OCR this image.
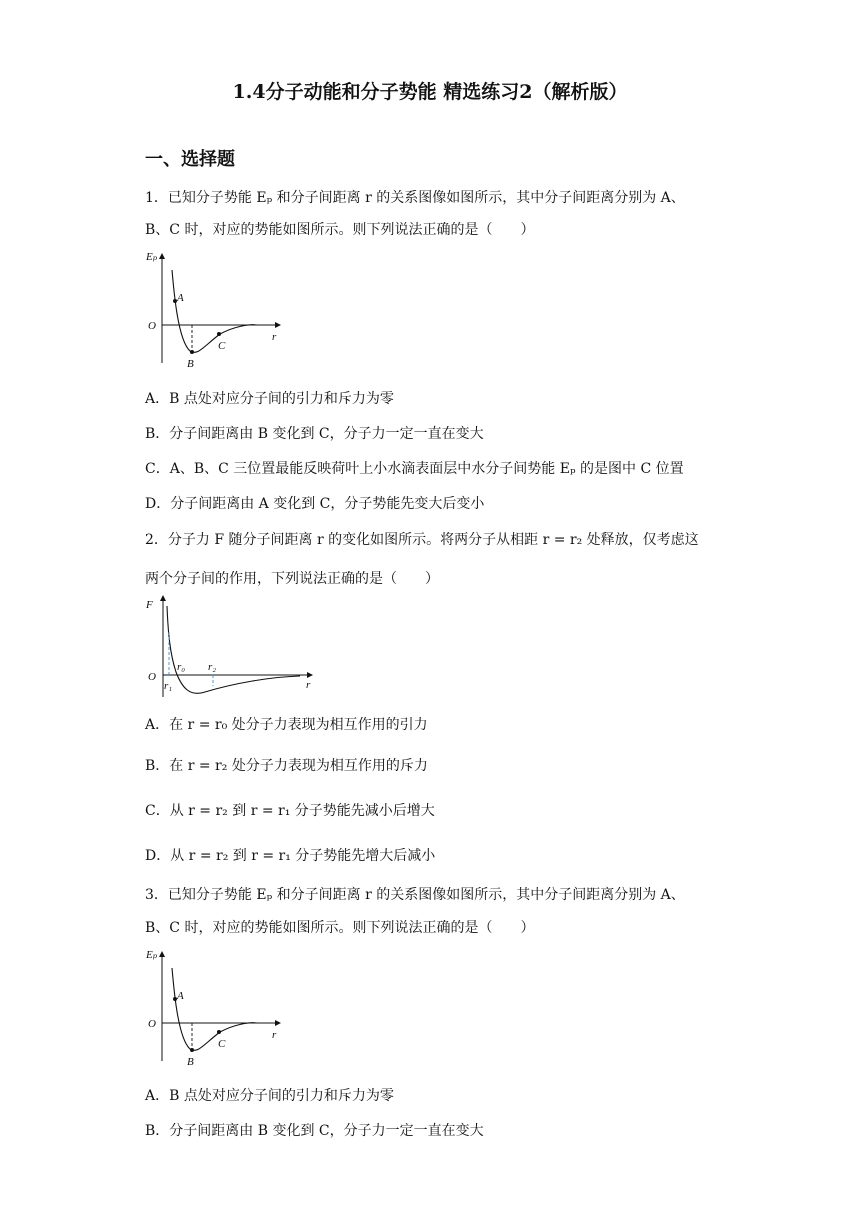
1.4分子动能和分子势能 精选练习2（解析版）
一、选择题
1．已知分子势能 Eₚ 和分子间距离 r 的关系图像如图所示，其中分子间距离分别为 A、
B、C 时，对应的势能如图所示。则下列说法正确的是（　　）
Eₚ
O
r
A
B
C
A．B 点处对应分子间的引力和斥力为零
B．分子间距离由 B 变化到 C，分子力一定一直在变大
C．A、B、C 三位置最能反映荷叶上小水滴表面层中水分子间势能 Eₚ 的是图中 C 位置
D．分子间距离由 A 变化到 C，分子势能先变大后变小
2．分子力 F 随分子间距离 r 的变化如图所示。将两分子从相距 r = r₂ 处释放，仅考虑这
两个分子间的作用，下列说法正确的是（　　）
F
O
r
r₀
r₁
r₂
A．在 r = r₀ 处分子力表现为相互作用的引力
B．在 r = r₂ 处分子力表现为相互作用的斥力
C．从 r = r₂ 到 r = r₁ 分子势能先减小后增大
D．从 r = r₂ 到 r = r₁ 分子势能先增大后减小
3．已知分子势能 Eₚ 和分子间距离 r 的关系图像如图所示，其中分子间距离分别为 A、
B、C 时，对应的势能如图所示。则下列说法正确的是（　　）
Eₚ
O
r
A
B
C
A．B 点处对应分子间的引力和斥力为零
B．分子间距离由 B 变化到 C，分子力一定一直在变大
